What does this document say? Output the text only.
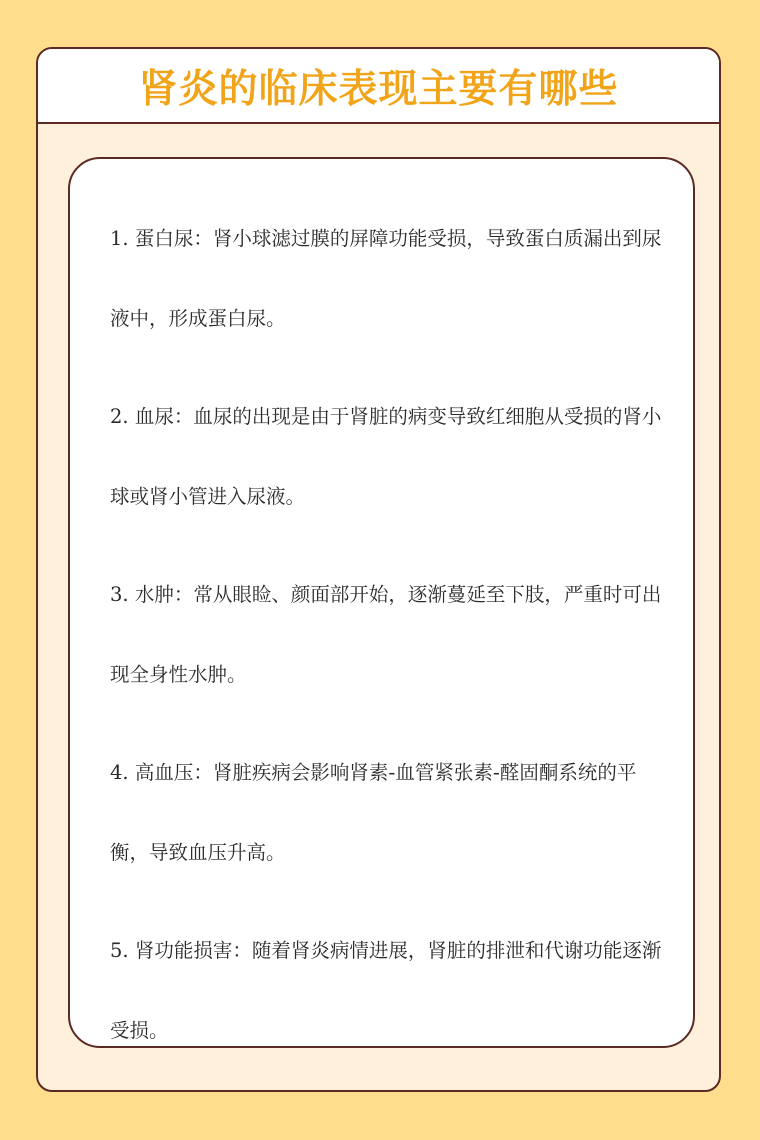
肾炎的临床表现主要有哪些

1. 蛋白尿：肾小球滤过膜的屏障功能受损，导致蛋白质漏出到尿液中，形成蛋白尿。

2. 血尿：血尿的出现是由于肾脏的病变导致红细胞从受损的肾小球或肾小管进入尿液。

3. 水肿：常从眼睑、颜面部开始，逐渐蔓延至下肢，严重时可出现全身性水肿。

4. 高血压：肾脏疾病会影响肾素-血管紧张素-醛固酮系统的平衡，导致血压升高。

5. 肾功能损害：随着肾炎病情进展，肾脏的排泄和代谢功能逐渐受损。
